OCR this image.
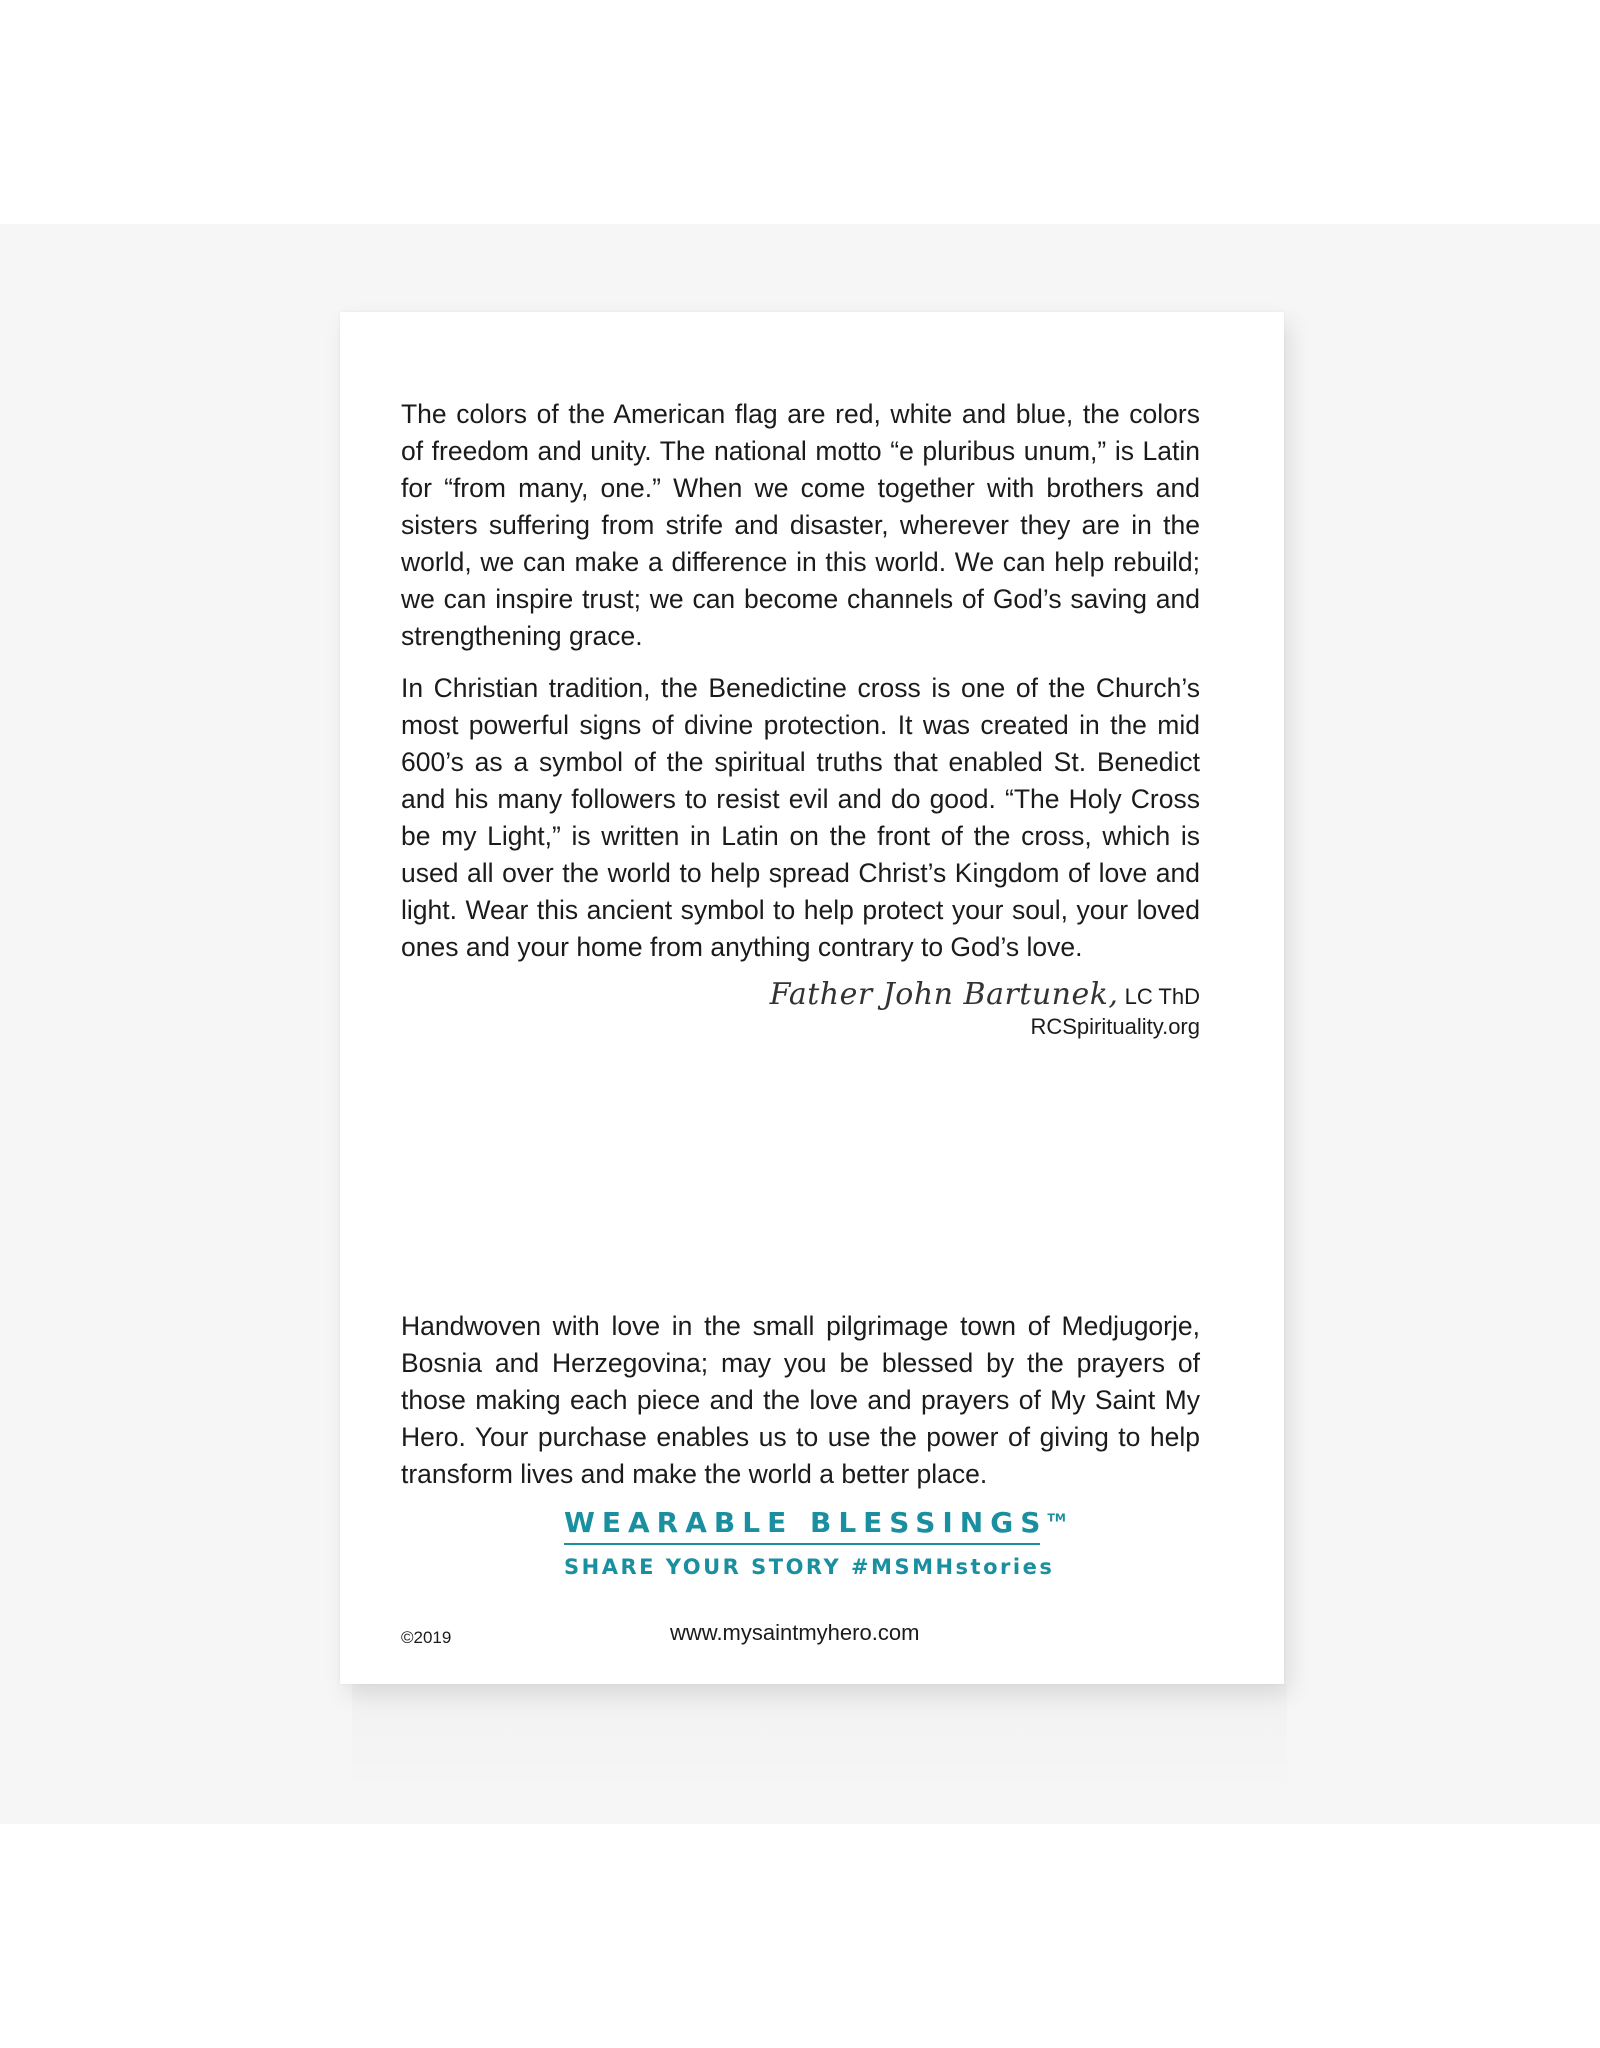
The colors of the American flag are red, white and blue, the colors of freedom and unity. The national motto “e pluribus unum,” is Latin for “from many, one.” When we come together with brothers and sisters suffering from strife and disaster, wherever they are in the world, we can make a difference in this world. We can help rebuild; we can inspire trust; we can become channels of God’s saving and strengthening grace.

In Christian tradition, the Benedictine cross is one of the Church’s most powerful signs of divine protection. It was created in the mid 600’s as a symbol of the spiritual truths that enabled St. Benedict and his many followers to resist evil and do good. “The Holy Cross be my Light,” is written in Latin on the front of the cross, which is used all over the world to help spread Christ’s Kingdom of love and light. Wear this ancient symbol to help protect your soul, your loved ones and your home from anything contrary to God’s love.

Father John Bartunek, LC ThD
RCSpirituality.org

Handwoven with love in the small pilgrimage town of Medjugorje, Bosnia and Herzegovina; may you be blessed by the prayers of those making each piece and the love and prayers of My Saint My Hero. Your purchase enables us to use the power of giving to help transform lives and make the world a better place.

WEARABLE BLESSINGS™
SHARE YOUR STORY #MSMHstories
©2019	www.mysaintmyhero.com
